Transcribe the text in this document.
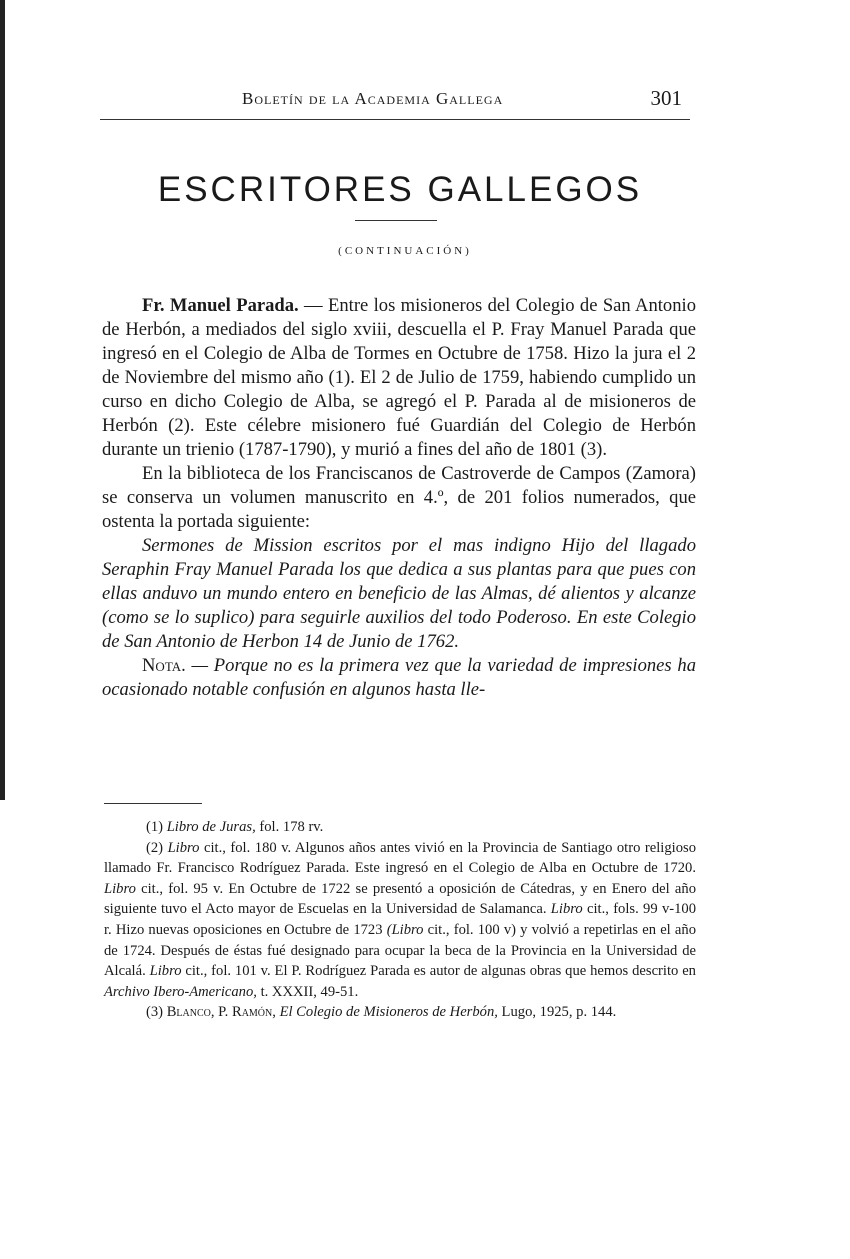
Boletín de la Academia Gallega	301
ESCRITORES GALLEGOS
(CONTINUACIÓN)

Fr. Manuel Parada. — Entre los misioneros del Colegio de San Antonio de Herbón, a mediados del siglo xviii, descuella el P. Fray Manuel Parada que ingresó en el Colegio de Alba de Tormes en Octubre de 1758. Hizo la jura el 2 de Noviembre del mismo año (1). El 2 de Julio de 1759, habiendo cumplido un curso en dicho Colegio de Alba, se agregó el P. Parada al de misioneros de Herbón (2). Este célebre misionero fué Guardián del Colegio de Herbón durante un trienio (1787-1790), y murió a fines del año de 1801 (3).

En la biblioteca de los Franciscanos de Castroverde de Campos (Zamora) se conserva un volumen manuscrito en 4.º, de 201 folios numerados, que ostenta la portada siguiente:

Sermones de Mission escritos por el mas indigno Hijo del llagado Seraphin Fray Manuel Parada los que dedica a sus plantas para que pues con ellas anduvo un mundo entero en beneficio de las Almas, dé alientos y alcanze (como se lo suplico) para seguirle auxilios del todo Poderoso. En este Colegio de San Antonio de Herbon 14 de Junio de 1762.

Nota. — Porque no es la primera vez que la variedad de impresiones ha ocasionado notable confusión en algunos hasta lle-

(1) Libro de Juras, fol. 178 rv.

(2) Libro cit., fol. 180 v. Algunos años antes vivió en la Provincia de Santiago otro religioso llamado Fr. Francisco Rodríguez Parada. Este ingresó en el Colegio de Alba en Octubre de 1720. Libro cit., fol. 95 v. En Octubre de 1722 se presentó a oposición de Cátedras, y en Enero del año siguiente tuvo el Acto mayor de Escuelas en la Universidad de Salamanca. Libro cit., fols. 99 v-100 r. Hizo nuevas oposiciones en Octubre de 1723 (Libro cit., fol. 100 v) y volvió a repetirlas en el año de 1724. Después de éstas fué designado para ocupar la beca de la Provincia en la Universidad de Alcalá. Libro cit., fol. 101 v. El P. Rodríguez Parada es autor de algunas obras que hemos descrito en Archivo Ibero-Americano, t. XXXII, 49-51.

(3) Blanco, P. Ramón, El Colegio de Misioneros de Herbón, Lugo, 1925, p. 144.
